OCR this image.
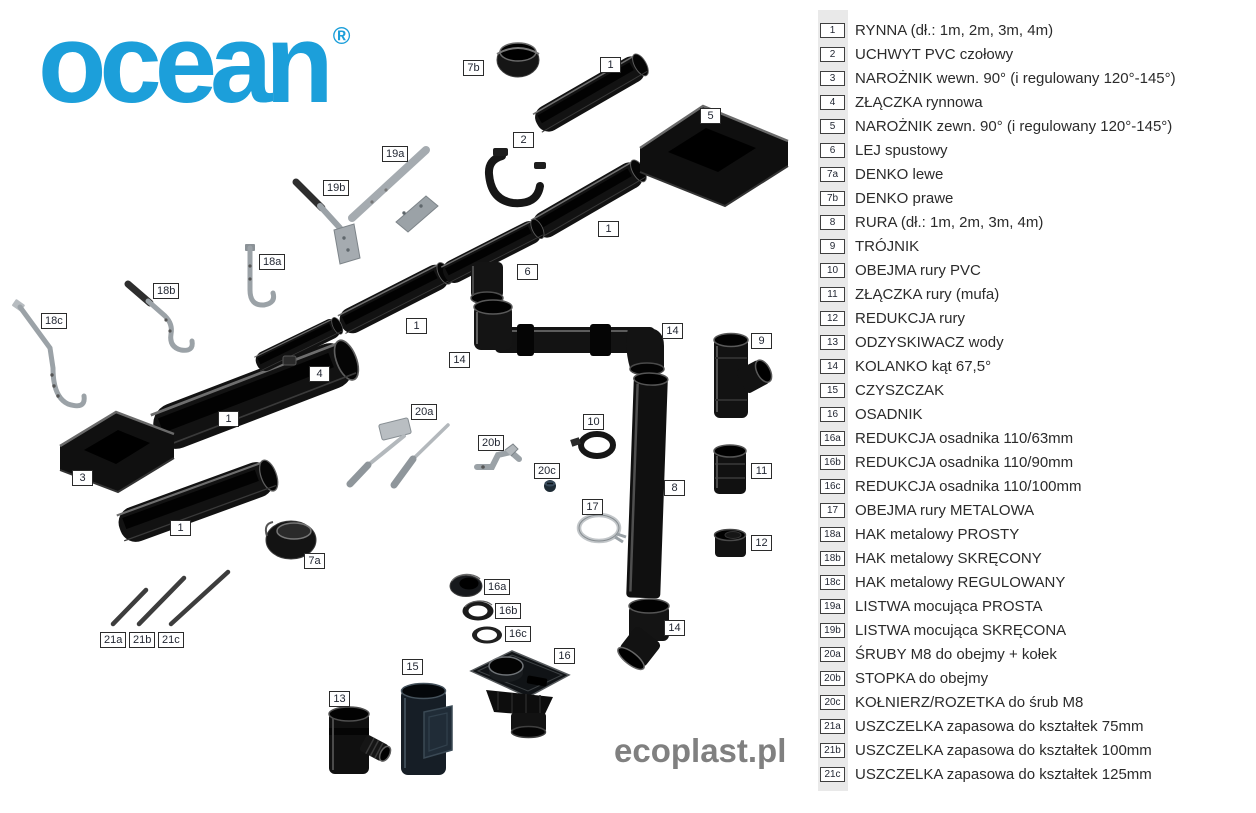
7b	1
5
2
19a
19b
1
18a
6
18b
18c	1	14
9
14
4
20a
1	10
20b
20c	11
3
8
17
1
12
7a
16a
16b
16c	14
21a 21b 21c
16
15
13
ocean ®
ecoplast.pl
1	RYNNA (dł.: 1m, 2m, 3m, 4m)
2	UCHWYT PVC czołowy
3	NAROŻNIK wewn. 90° (i regulowany 120°-145°)
4	ZŁĄCZKA rynnowa
5	NAROŻNIK zewn. 90° (i regulowany 120°-145°)
6	LEJ spustowy
7a	DENKO lewe
7b	DENKO prawe
8	RURA (dł.: 1m, 2m, 3m, 4m)
9	TRÓJNIK
10	OBEJMA rury PVC
11	ZŁĄCZKA rury (mufa)
12	REDUKCJA rury
13	ODZYSKIWACZ wody
14	KOLANKO kąt 67,5°
15	CZYSZCZAK
16	OSADNIK
16a REDUKCJA osadnika 110/63mm
16b REDUKCJA osadnika 110/90mm
16c REDUKCJA osadnika 110/100mm
17	OBEJMA rury METALOWA
18a HAK metalowy PROSTY
18b HAK metalowy SKRĘCONY
18c HAK metalowy REGULOWANY
19a LISTWA mocująca PROSTA
19b LISTWA mocująca SKRĘCONA
20a ŚRUBY M8 do obejmy + kołek
20b STOPKA do obejmy
20c KOŁNIERZ/ROZETKA do śrub M8
21a USZCZELKA zapasowa do kształtek 75mm
21b USZCZELKA zapasowa do kształtek 100mm
21c USZCZELKA zapasowa do kształtek 125mm
